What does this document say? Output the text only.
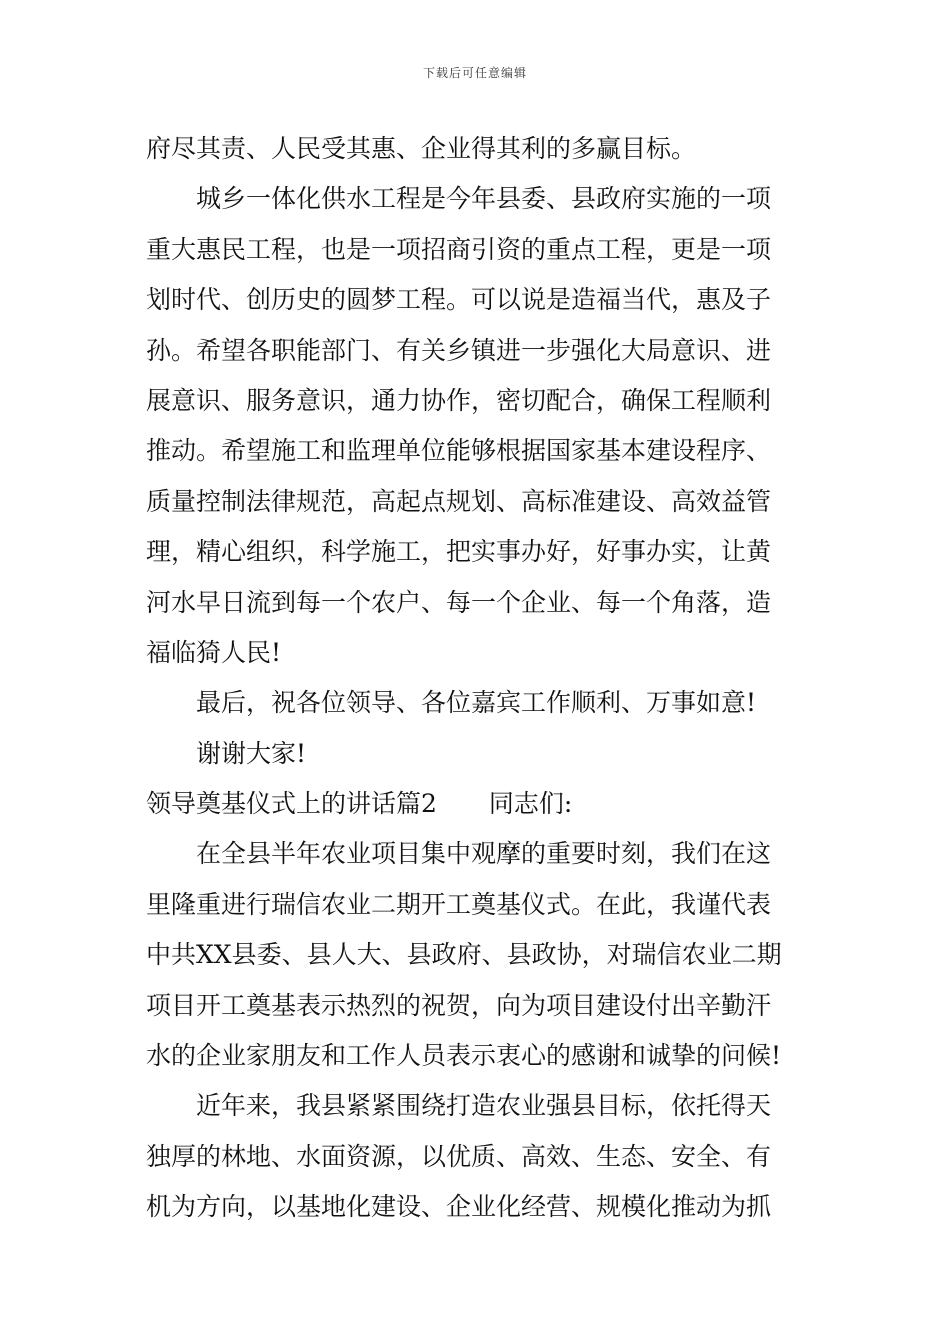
下载后可任意编辑
府尽其责、人民受其惠、企业得其利的多赢目标。
城乡一体化供水工程是今年县委、县政府实施的一项
重大惠民工程，也是一项招商引资的重点工程，更是一项
划时代、创历史的圆梦工程。可以说是造福当代，惠及子
孙。希望各职能部门、有关乡镇进一步强化大局意识、进
展意识、服务意识，通力协作，密切配合，确保工程顺利
推动。希望施工和监理单位能够根据国家基本建设程序、
质量控制法律规范，高起点规划、高标准建设、高效益管
理，精心组织，科学施工，把实事办好，好事办实，让黄
河水早日流到每一个农户、每一个企业、每一个角落，造
福临猗人民!
最后，祝各位领导、各位嘉宾工作顺利、万事如意!
谢谢大家!
领导奠基仪式上的讲话篇2 同志们:
在全县半年农业项目集中观摩的重要时刻，我们在这
里隆重进行瑞信农业二期开工奠基仪式。在此，我谨代表
中共XX县委、县人大、县政府、县政协，对瑞信农业二期
项目开工奠基表示热烈的祝贺，向为项目建设付出辛勤汗
水的企业家朋友和工作人员表示衷心的感谢和诚挚的问候!
近年来，我县紧紧围绕打造农业强县目标，依托得天
独厚的林地、水面资源，以优质、高效、生态、安全、有
机为方向，以基地化建设、企业化经营、规模化推动为抓
